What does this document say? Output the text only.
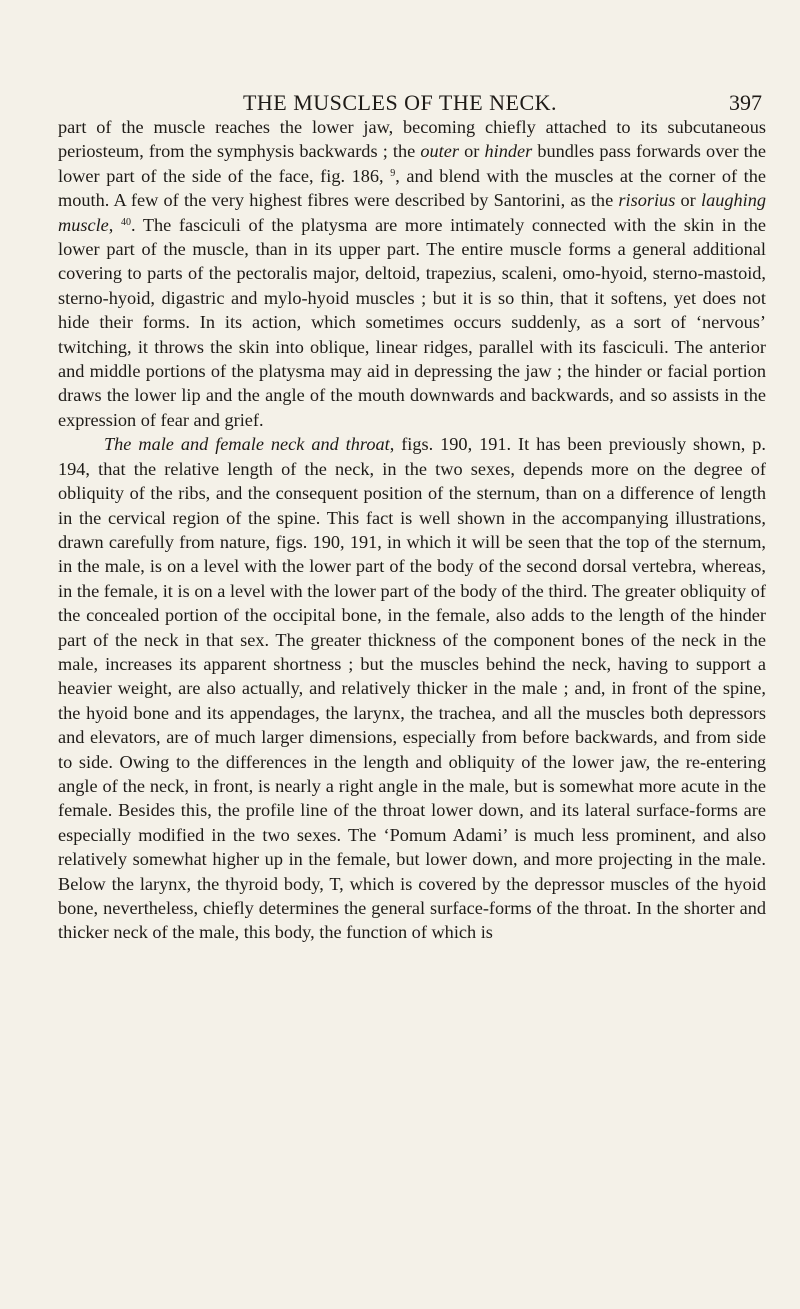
THE MUSCLES OF THE NECK.	397

part of the muscle reaches the lower jaw, becoming chiefly attached to its subcutaneous periosteum, from the symphysis backwards ; the outer or hinder bundles pass forwards over the lower part of the side of the face, fig. 186, $^9$, and blend with the muscles at the corner of the mouth. A few of the very highest fibres were described by Santorini, as the risorius or laughing muscle, $^{40}$. The fasciculi of the platysma are more intimately connected with the skin in the lower part of the muscle, than in its upper part. The entire muscle forms a general additional covering to parts of the pectoralis major, deltoid, trapezius, scaleni, omo-hyoid, sterno-mastoid, sterno-hyoid, digastric and mylo-hyoid muscles ; but it is so thin, that it softens, yet does not hide their forms. In its action, which sometimes occurs suddenly, as a sort of ‘nervous’ twitching, it throws the skin into oblique, linear ridges, parallel with its fasciculi. The anterior and middle portions of the platysma may aid in depressing the jaw ; the hinder or facial portion draws the lower lip and the angle of the mouth downwards and backwards, and so assists in the expression of fear and grief.

The male and female neck and throat, figs. 190, 191. It has been previously shown, p. 194, that the relative length of the neck, in the two sexes, depends more on the degree of obliquity of the ribs, and the consequent position of the sternum, than on a difference of length in the cervical region of the spine. This fact is well shown in the accompanying illustrations, drawn carefully from nature, figs. 190, 191, in which it will be seen that the top of the sternum, in the male, is on a level with the lower part of the body of the second dorsal vertebra, whereas, in the female, it is on a level with the lower part of the body of the third. The greater obliquity of the concealed portion of the occipital bone, in the female, also adds to the length of the hinder part of the neck in that sex. The greater thickness of the component bones of the neck in the male, increases its apparent shortness ; but the muscles behind the neck, having to support a heavier weight, are also actually, and relatively thicker in the male ; and, in front of the spine, the hyoid bone and its appendages, the larynx, the trachea, and all the muscles both depressors and elevators, are of much larger dimensions, especially from before backwards, and from side to side. Owing to the differences in the length and obliquity of the lower jaw, the re-entering angle of the neck, in front, is nearly a right angle in the male, but is somewhat more acute in the female. Besides this, the profile line of the throat lower down, and its lateral surface-forms are especially modified in the two sexes. The ‘Pomum Adami’ is much less prominent, and also relatively somewhat higher up in the female, but lower down, and more projecting in the male. Below the larynx, the thyroid body, T, which is covered by the depressor muscles of the hyoid bone, nevertheless, chiefly determines the general surface-forms of the throat. In the shorter and thicker neck of the male, this body, the function of which is
